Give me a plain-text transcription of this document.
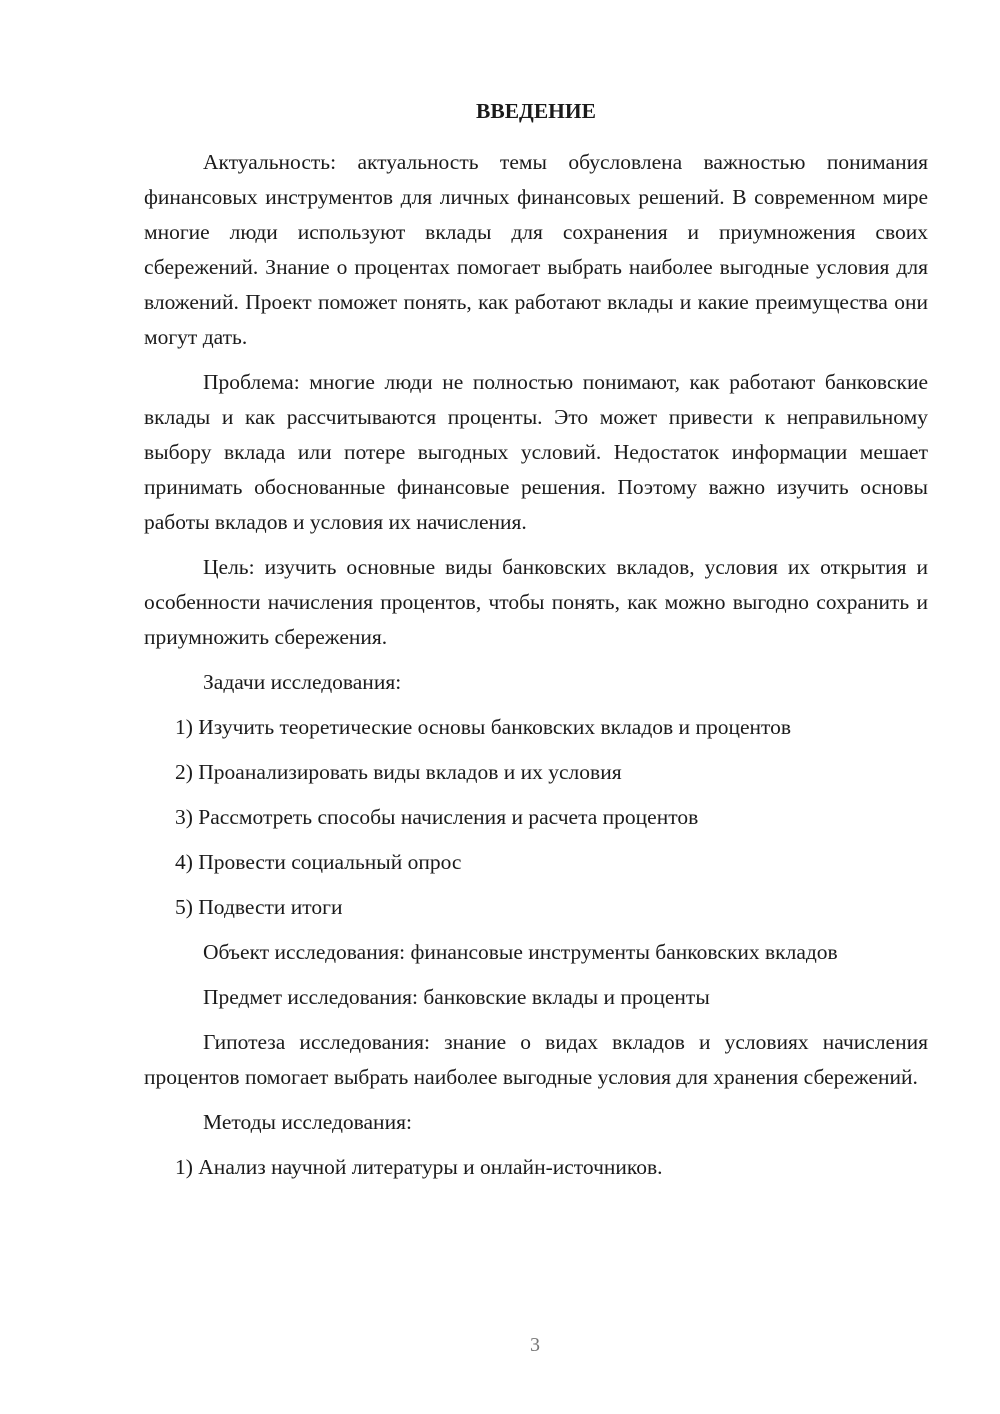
ВВЕДЕНИЕ

Актуальность: актуальность темы обусловлена важностью понимания финансовых инструментов для личных финансовых решений. В современном мире многие люди используют вклады для сохранения и приумножения своих сбережений. Знание о процентах помогает выбрать наиболее выгодные условия для вложений. Проект поможет понять, как работают вклады и какие преимущества они могут дать.

Проблема: многие люди не полностью понимают, как работают банковские вклады и как рассчитываются проценты. Это может привести к неправильному выбору вклада или потере выгодных условий. Недостаток информации мешает принимать обоснованные финансовые решения. Поэтому важно изучить основы работы вкладов и условия их начисления.

Цель: изучить основные виды банковских вкладов, условия их открытия и особенности начисления процентов, чтобы понять, как можно выгодно сохранить и приумножить сбережения.

Задачи исследования:

1) Изучить теоретические основы банковских вкладов и процентов

2) Проанализировать виды вкладов и их условия

3) Рассмотреть способы начисления и расчета процентов

4) Провести социальный опрос

5) Подвести итоги

Объект исследования: финансовые инструменты банковских вкладов

Предмет исследования: банковские вклады и проценты

Гипотеза исследования: знание о видах вкладов и условиях начисления процентов помогает выбрать наиболее выгодные условия для хранения сбережений.

Методы исследования:

1) Анализ научной литературы и онлайн-источников.

3
